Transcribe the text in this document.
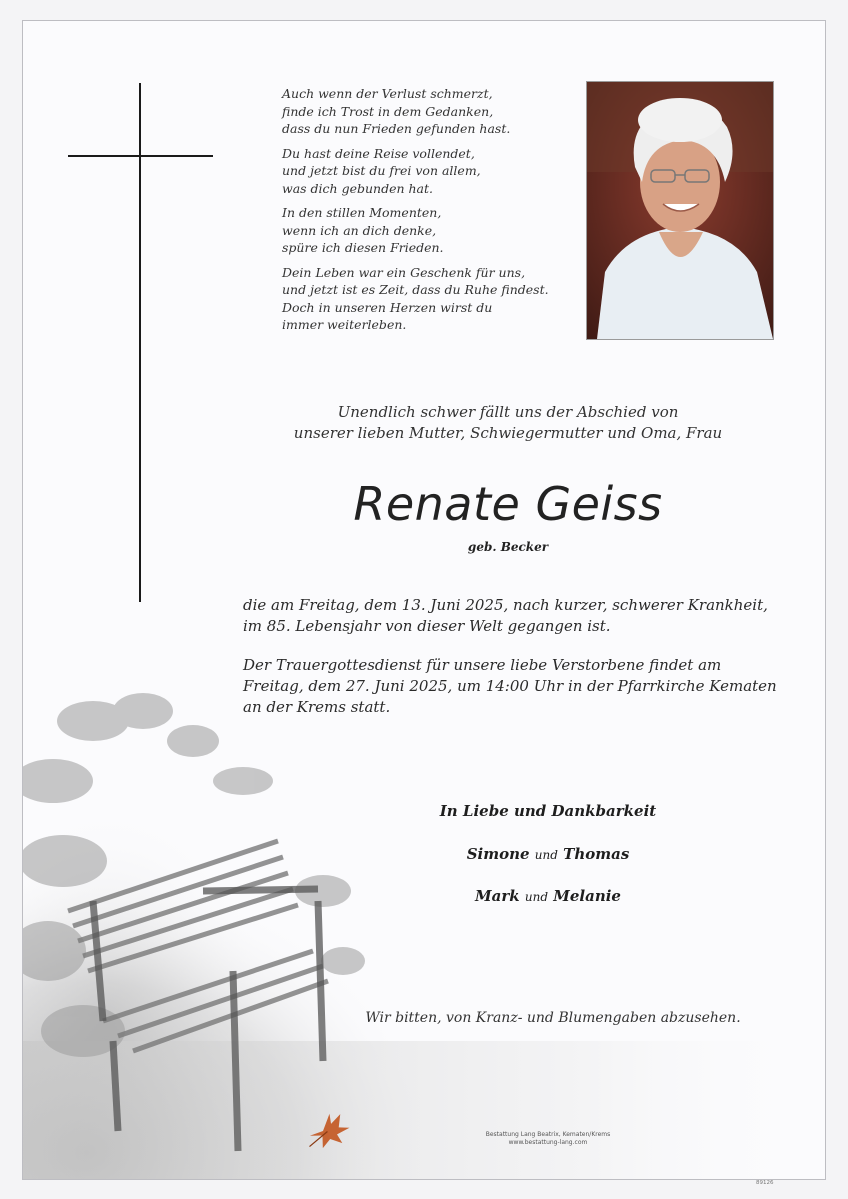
Auch wenn der Verlust schmerzt,
finde ich Trost in dem Gedanken,
dass du nun Frieden gefunden hast.
Du hast deine Reise vollendet,
und jetzt bist du frei von allem,
was dich gebunden hat.
In den stillen Momenten,
wenn ich an dich denke,
spüre ich diesen Frieden.
Dein Leben war ein Geschenk für uns,
und jetzt ist es Zeit, dass du Ruhe findest.
Doch in unseren Herzen wirst du
immer weiterleben.
Unendlich schwer fällt uns der Abschied von
unserer lieben Mutter, Schwiegermutter und Oma, Frau
Renate Geiss
geb. Becker
die am Freitag, dem 13. Juni 2025, nach kurzer, schwerer Krankheit, im 85. Lebensjahr von dieser Welt gegangen ist.
Der Trauergottesdienst für unsere liebe Verstorbene findet am Freitag, dem 27. Juni 2025, um 14:00 Uhr in der Pfarrkirche Kematen an der Krems statt.
In Liebe und Dankbarkeit
Simone und Thomas
Mark und Melanie
Wir bitten, von Kranz- und Blumengaben abzusehen.
Bestattung Lang Beatrix, Kematen/Krems
www.bestattung-lang.com
89126
